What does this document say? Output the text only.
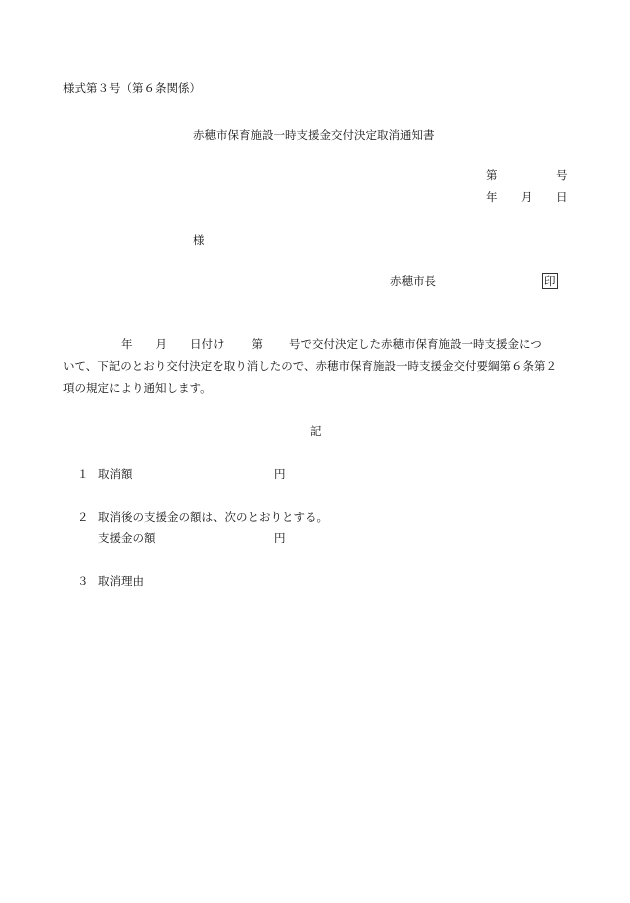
様式第３号（第６条関係）
赤穂市保育施設一時支援金交付決定取消通知書
第	号
年 月 日
様
赤穂市長	印
年 月 日付け 第 号で交付決定した赤穂市保育施設一時支援金につ
いて、下記のとおり交付決定を取り消したので、赤穂市保育施設一時支援金交付要綱第６条第２
項の規定により通知します。
記
１ 取消額	円
２ 取消後の支援金の額は、次のとおりとする。
支援金の額	円
３ 取消理由
